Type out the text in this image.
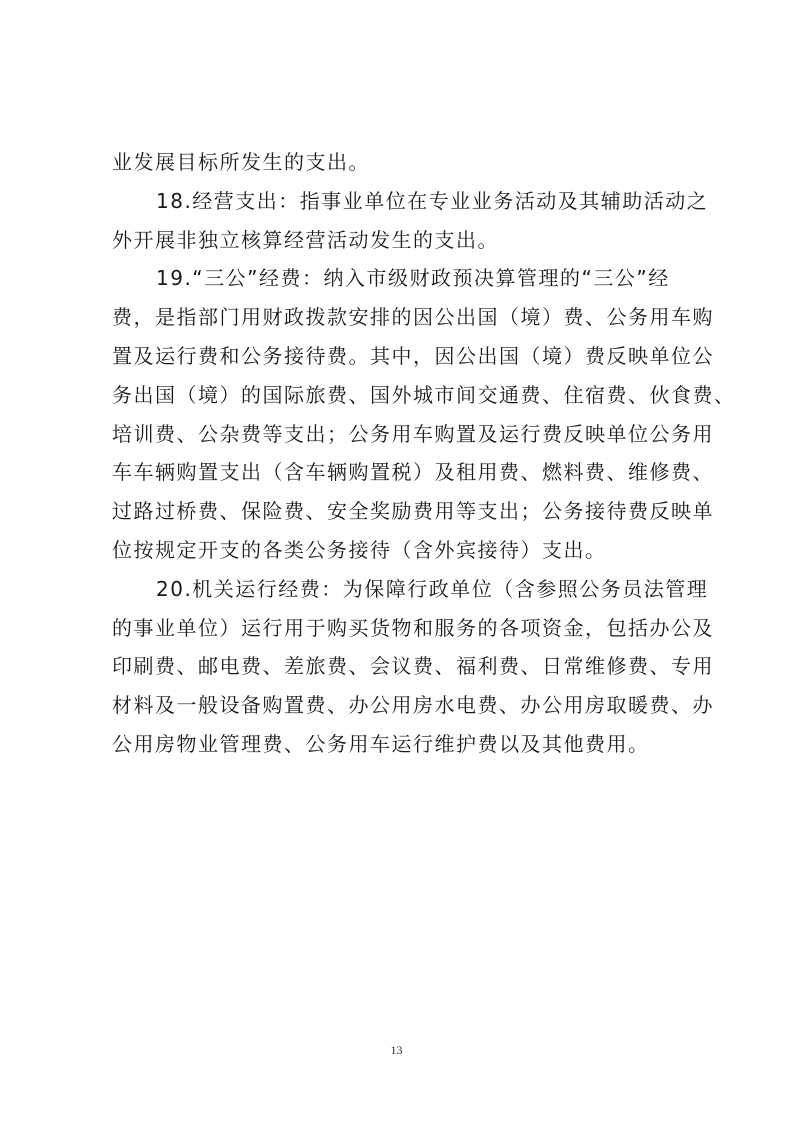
业发展目标所发生的支出。
18.经营支出：指事业单位在专业业务活动及其辅助活动之
外开展非独立核算经营活动发生的支出。
19.“三公”经费：纳入市级财政预决算管理的“三公”经
费，是指部门用财政拨款安排的因公出国（境）费、公务用车购
置及运行费和公务接待费。其中，因公出国（境）费反映单位公
务出国（境）的国际旅费、国外城市间交通费、住宿费、伙食费、
培训费、公杂费等支出；公务用车购置及运行费反映单位公务用
车车辆购置支出（含车辆购置税）及租用费、燃料费、维修费、
过路过桥费、保险费、安全奖励费用等支出；公务接待费反映单
位按规定开支的各类公务接待（含外宾接待）支出。
20.机关运行经费：为保障行政单位（含参照公务员法管理
的事业单位）运行用于购买货物和服务的各项资金，包括办公及
印刷费、邮电费、差旅费、会议费、福利费、日常维修费、专用
材料及一般设备购置费、办公用房水电费、办公用房取暖费、办
公用房物业管理费、公务用车运行维护费以及其他费用。
13
